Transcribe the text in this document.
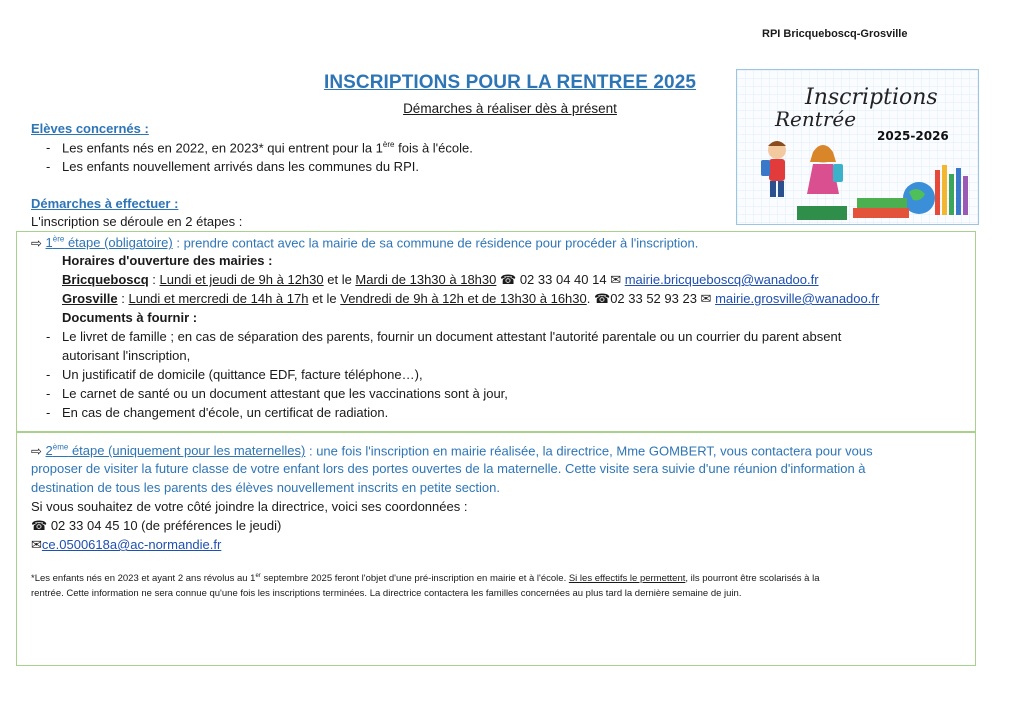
RPI Bricqueboscq-Grosville
INSCRIPTIONS POUR LA RENTREE 2025
Démarches à réaliser dès à présent	Inscriptions
Rentrée
2025-2026
Elèves concernés :
- Les enfants nés en 2022, en 2023* qui entrent pour la 1ère fois à l'école.
- Les enfants nouvellement arrivés dans les communes du RPI.
Démarches à effectuer :
L'inscription se déroule en 2 étapes :
⇨ 1ère étape (obligatoire) : prendre contact avec la mairie de sa commune de résidence pour procéder à l'inscription.
Horaires d'ouverture des mairies :
Bricqueboscq : Lundi et jeudi de 9h à 12h30 et le Mardi de 13h30 à 18h30 ☎ 02 33 04 40 14 ✉ mairie.bricqueboscq@wanadoo.fr
Grosville : Lundi et mercredi de 14h à 17h et le Vendredi de 9h à 12h et de 13h30 à 16h30. ☎02 33 52 93 23 ✉ mairie.grosville@wanadoo.fr
Documents à fournir :
- Le livret de famille ; en cas de séparation des parents, fournir un document attestant l'autorité parentale ou un courrier du parent absent
autorisant l'inscription,
- Un justificatif de domicile (quittance EDF, facture téléphone…),
- Le carnet de santé ou un document attestant que les vaccinations sont à jour,
- En cas de changement d'école, un certificat de radiation.
⇨ 2ème étape (uniquement pour les maternelles) : une fois l'inscription en mairie réalisée, la directrice, Mme GOMBERT, vous contactera pour vous
proposer de visiter la future classe de votre enfant lors des portes ouvertes de la maternelle. Cette visite sera suivie d'une réunion d'information à
destination de tous les parents des élèves nouvellement inscrits en petite section.
Si vous souhaitez de votre côté joindre la directrice, voici ses coordonnées :
☎ 02 33 04 45 10 (de préférences le jeudi)
✉ce.0500618a@ac-normandie.fr
*Les enfants nés en 2023 et ayant 2 ans révolus au 1er septembre 2025 feront l'objet d'une pré-inscription en mairie et à l'école. Si les effectifs le permettent, ils pourront être scolarisés à la
rentrée. Cette information ne sera connue qu'une fois les inscriptions terminées. La directrice contactera les familles concernées au plus tard la dernière semaine de juin.
